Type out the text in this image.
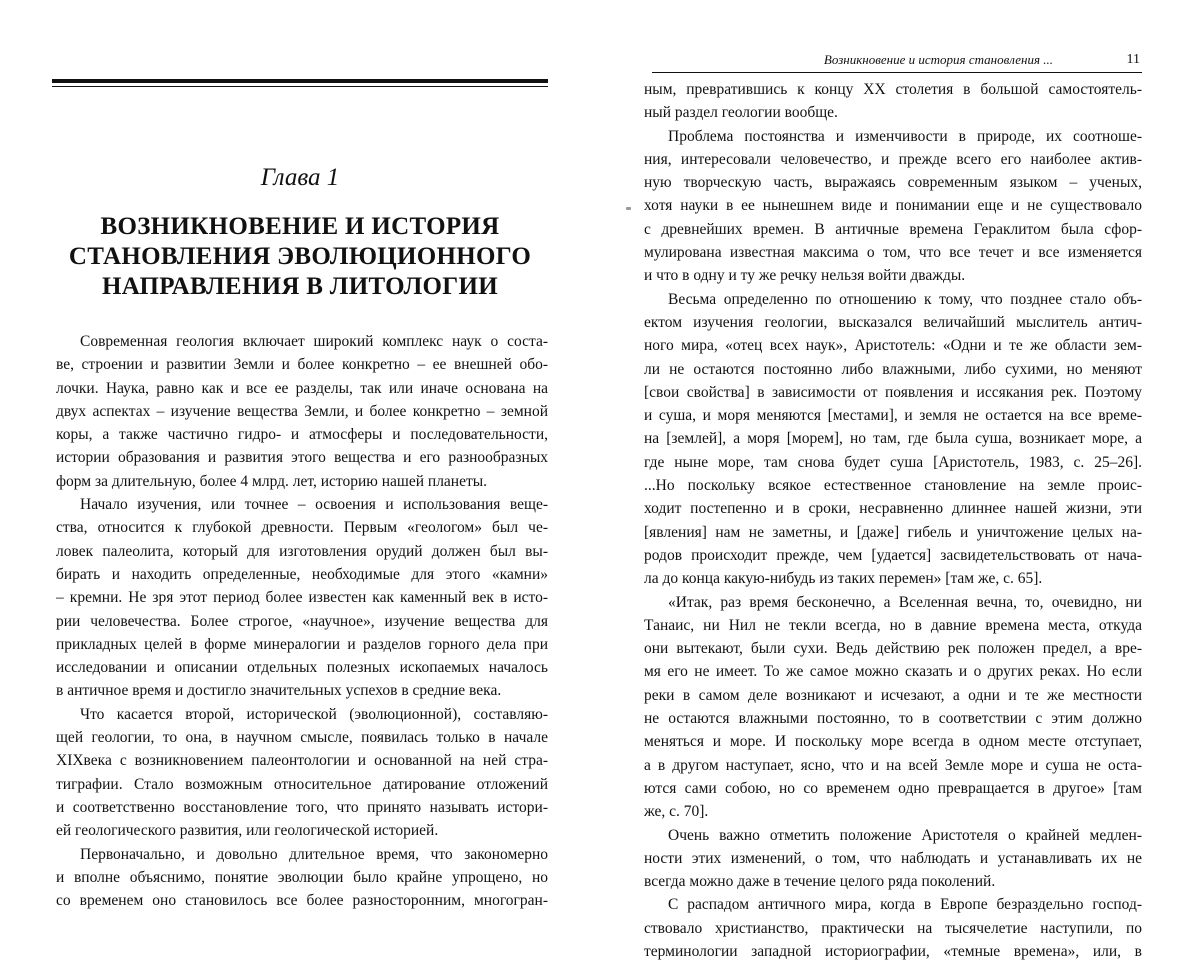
Глава 1
ВОЗНИКНОВЕНИЕ И ИСТОРИЯ
СТАНОВЛЕНИЯ ЭВОЛЮЦИОННОГО
НАПРАВЛЕНИЯ В ЛИТОЛОГИИ
Современная геология включает широкий комплекс наук о соста-
ве, строении и развитии Земли и более конкретно – ее внешней обо-
лочки. Наука, равно как и все ее разделы, так или иначе основана на
двух аспектах – изучение вещества Земли, и более конкретно – земной
коры, а также частично гидро- и атмосферы и последовательности,
истории образования и развития этого вещества и его разнообразных
форм за длительную, более 4 млрд. лет, историю нашей планеты.
Начало изучения, или точнее – освоения и использования веще-
ства, относится к глубокой древности. Первым «геологом» был че-
ловек палеолита, который для изготовления орудий должен был вы-
бирать и находить определенные, необходимые для этого «камни»
– кремни. Не зря этот период более известен как каменный век в исто-
рии человечества. Более строгое, «научное», изучение вещества для
прикладных целей в форме минералогии и разделов горного дела при
исследовании и описании отдельных полезных ископаемых началось
в античное время и достигло значительных успехов в средние века.
Что касается второй, исторической (эволюционной), составляю-
щей геологии, то она, в научном смысле, появилась только в начале
XIXвека с возникновением палеонтологии и основанной на ней стра-
тиграфии. Стало возможным относительное датирование отложений
и соответственно восстановление того, что принято называть истори-
ей геологического развития, или геологической историей.
Первоначально, и довольно длительное время, что закономерно
и вполне объяснимо, понятие эволюции было крайне упрощено, но
со временем оно становилось все более разносторонним, многогран-
Возникновение и история становления ...	11
ным, превратившись к концу XX столетия в большой самостоятель-
ный раздел геологии вообще.
Проблема постоянства и изменчивости в природе, их соотноше-
ния, интересовали человечество, и прежде всего его наиболее актив-
ную творческую часть, выражаясь современным языком – ученых,
хотя науки в ее нынешнем виде и понимании еще и не существовало
с древнейших времен. В античные времена Гераклитом была сфор-
мулирована известная максима о том, что все течет и все изменяется
и что в одну и ту же речку нельзя войти дважды.
Весьма определенно по отношению к тому, что позднее стало объ-
ектом изучения геологии, высказался величайший мыслитель антич-
ного мира, «отец всех наук», Аристотель: «Одни и те же области зем-
ли не остаются постоянно либо влажными, либо сухими, но меняют
[свои свойства] в зависимости от появления и иссякания рек. Поэтому
и суша, и моря меняются [местами], и земля не остается на все време-
на [землей], а моря [морем], но там, где была суша, возникает море, а
где ныне море, там снова будет суша [Аристотель, 1983, с. 25–26].
...Но поскольку всякое естественное становление на земле проис-
ходит постепенно и в сроки, несравненно длиннее нашей жизни, эти
[явления] нам не заметны, и [даже] гибель и уничтожение целых на-
родов происходит прежде, чем [удается] засвидетельствовать от нача-
ла до конца какую-нибудь из таких перемен» [там же, с. 65].
«Итак, раз время бесконечно, а Вселенная вечна, то, очевидно, ни
Танаис, ни Нил не текли всегда, но в давние времена места, откуда
они вытекают, были сухи. Ведь действию рек положен предел, а вре-
мя его не имеет. То же самое можно сказать и о других реках. Но если
реки в самом деле возникают и исчезают, а одни и те же местности
не остаются влажными постоянно, то в соответствии с этим должно
меняться и море. И поскольку море всегда в одном месте отступает,
а в другом наступает, ясно, что и на всей Земле море и суша не оста-
ются сами собою, но со временем одно превращается в другое» [там
же, с. 70].
Очень важно отметить положение Аристотеля о крайней медлен-
ности этих изменений, о том, что наблюдать и устанавливать их не
всегда можно даже в течение целого ряда поколений.
С распадом античного мира, когда в Европе безраздельно господ-
ствовало христианство, практически на тысячелетие наступили, по
терминологии западной историографии, «темные времена», или, в
